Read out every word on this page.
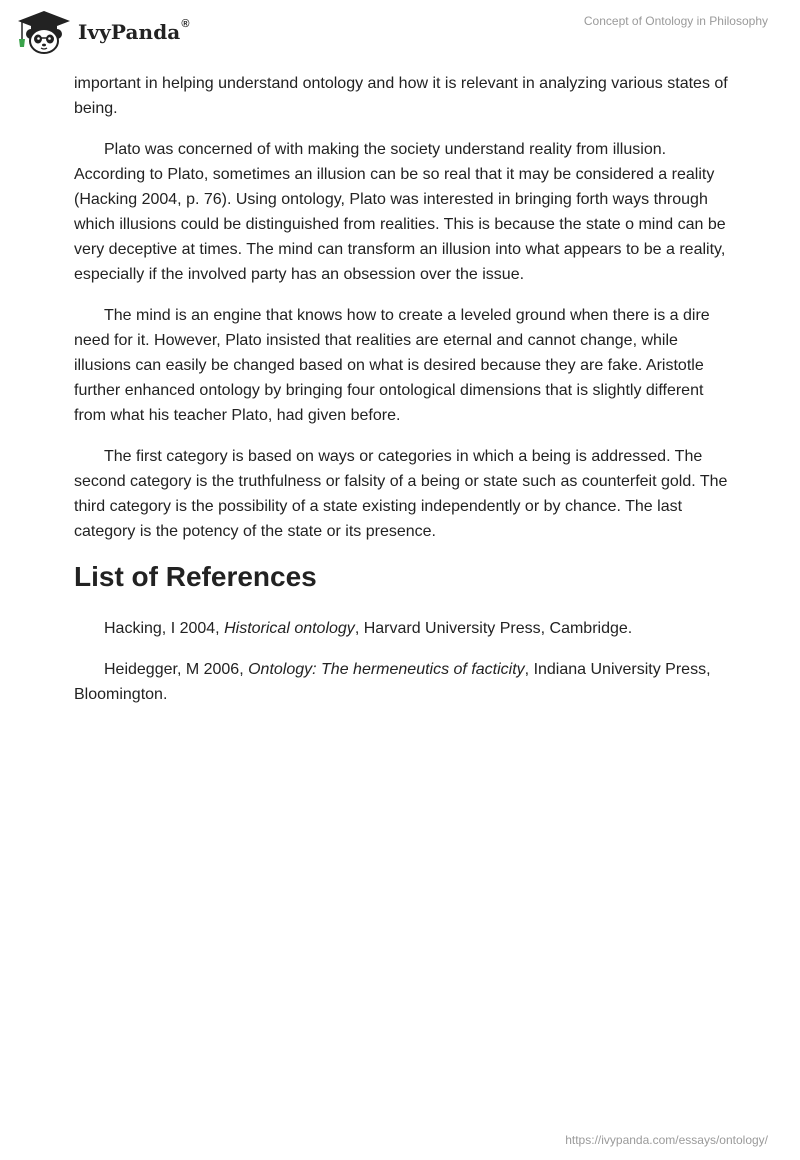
IvyPanda ®	Concept of Ontology in Philosophy

important in helping understand ontology and how it is relevant in analyzing various states of being.

Plato was concerned of with making the society understand reality from illusion. According to Plato, sometimes an illusion can be so real that it may be considered a reality (Hacking 2004, p. 76). Using ontology, Plato was interested in bringing forth ways through which illusions could be distinguished from realities. This is because the state o mind can be very deceptive at times. The mind can transform an illusion into what appears to be a reality, especially if the involved party has an obsession over the issue.

The mind is an engine that knows how to create a leveled ground when there is a dire need for it. However, Plato insisted that realities are eternal and cannot change, while illusions can easily be changed based on what is desired because they are fake. Aristotle further enhanced ontology by bringing four ontological dimensions that is slightly different from what his teacher Plato, had given before.

The first category is based on ways or categories in which a being is addressed. The second category is the truthfulness or falsity of a being or state such as counterfeit gold. The third category is the possibility of a state existing independently or by chance. The last category is the potency of the state or its presence.

List of References

Hacking, I 2004, Historical ontology, Harvard University Press, Cambridge.

Heidegger, M 2006, Ontology: The hermeneutics of facticity, Indiana University Press, Bloomington.

https://ivypanda.com/essays/ontology/
